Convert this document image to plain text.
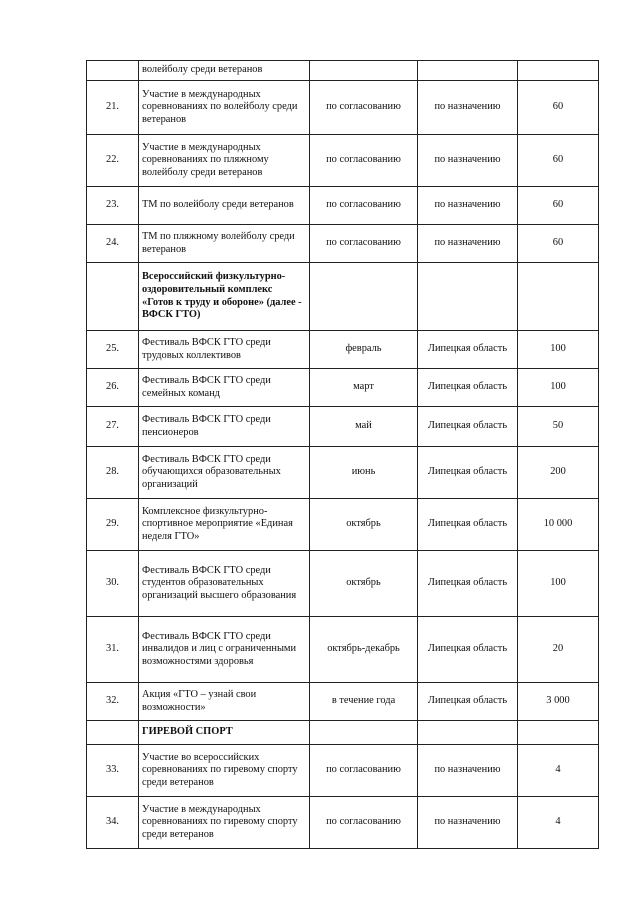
	волейболу среди ветеранов			
21.	Участие в международных соревнованиях по волейболу среди ветеранов	по согласованию	по назначению	60
22.	Участие в международных соревнованиях по пляжному волейболу среди ветеранов	по согласованию	по назначению	60
23.	ТМ по волейболу среди ветеранов	по согласованию	по назначению	60
24.	ТМ по пляжному волейболу среди ветеранов	по согласованию	по назначению	60
	Всероссийский физкультурно-оздоровительный комплекс «Готов к труду и обороне» (далее - ВФСК ГТО)			
25.	Фестиваль ВФСК ГТО среди трудовых коллективов	февраль	Липецкая область	100
26.	Фестиваль ВФСК ГТО среди семейных команд	март	Липецкая область	100
27.	Фестиваль ВФСК ГТО среди пенсионеров	май	Липецкая область	50
28.	Фестиваль ВФСК ГТО среди обучающихся образовательных организаций	июнь	Липецкая область	200
29.	Комплексное физкультурно-спортивное мероприятие «Единая неделя ГТО»	октябрь	Липецкая область	10 000
30.	Фестиваль ВФСК ГТО среди студентов образовательных организаций высшего образования	октябрь	Липецкая область	100
31.	Фестиваль ВФСК ГТО среди инвалидов и лиц с ограниченными возможностями здоровья	октябрь-декабрь	Липецкая область	20
32.	Акция «ГТО – узнай свои возможности»	в течение года	Липецкая область	3 000
	ГИРЕВОЙ СПОРТ			
33.	Участие во всероссийских соревнованиях по гиревому спорту среди ветеранов	по согласованию	по назначению	4
34.	Участие в международных соревнованиях по гиревому спорту среди ветеранов	по согласованию	по назначению	4
